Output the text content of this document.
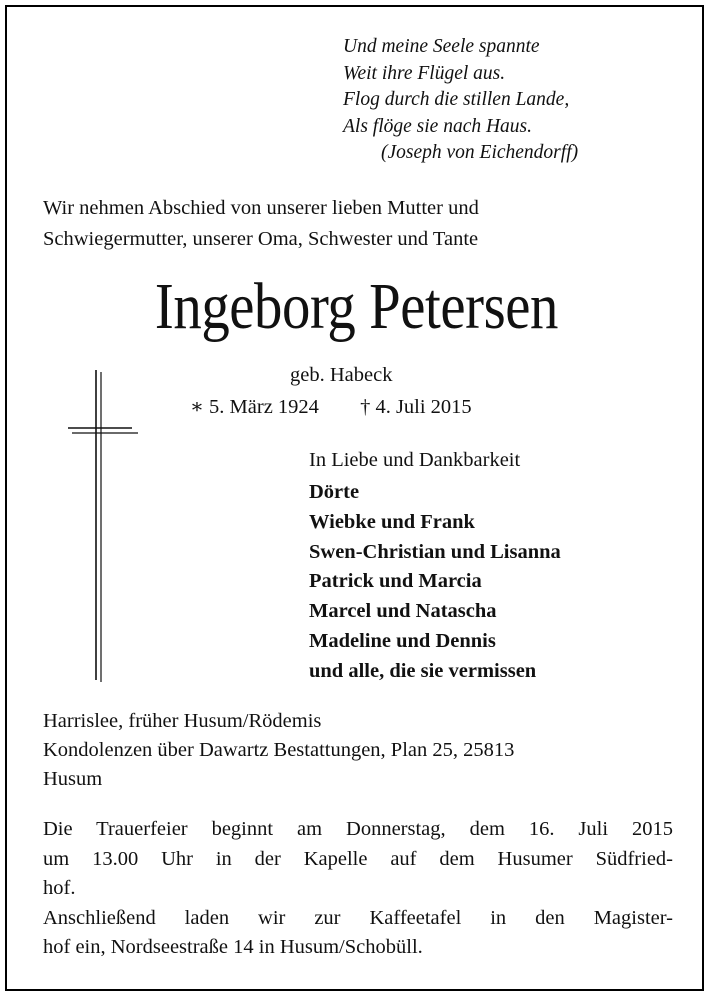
Und meine Seele spannte
Weit ihre Flügel aus.
Flog durch die stillen Lande,
Als flöge sie nach Haus.
(Joseph von Eichendorff)
Wir nehmen Abschied von unserer lieben Mutter und
Schwiegermutter, unserer Oma, Schwester und Tante
Ingeborg Petersen
geb. Habeck
∗ 5. März 1924 † 4. Juli 2015
In Liebe und Dankbarkeit
Dörte
Wiebke und Frank
Swen-Christian und Lisanna
Patrick und Marcia
Marcel und Natascha
Madeline und Dennis
und alle, die sie vermissen
Harrislee, früher Husum/Rödemis
Kondolenzen über Dawartz Bestattungen, Plan 25, 25813
Husum
Die Trauerfeier beginnt am Donnerstag, dem 16. Juli 2015
um 13.00 Uhr in der Kapelle auf dem Husumer Südfried-
hof.
Anschließend laden wir zur Kaffeetafel in den Magister-
hof ein, Nordseestraße 14 in Husum/Schobüll.
